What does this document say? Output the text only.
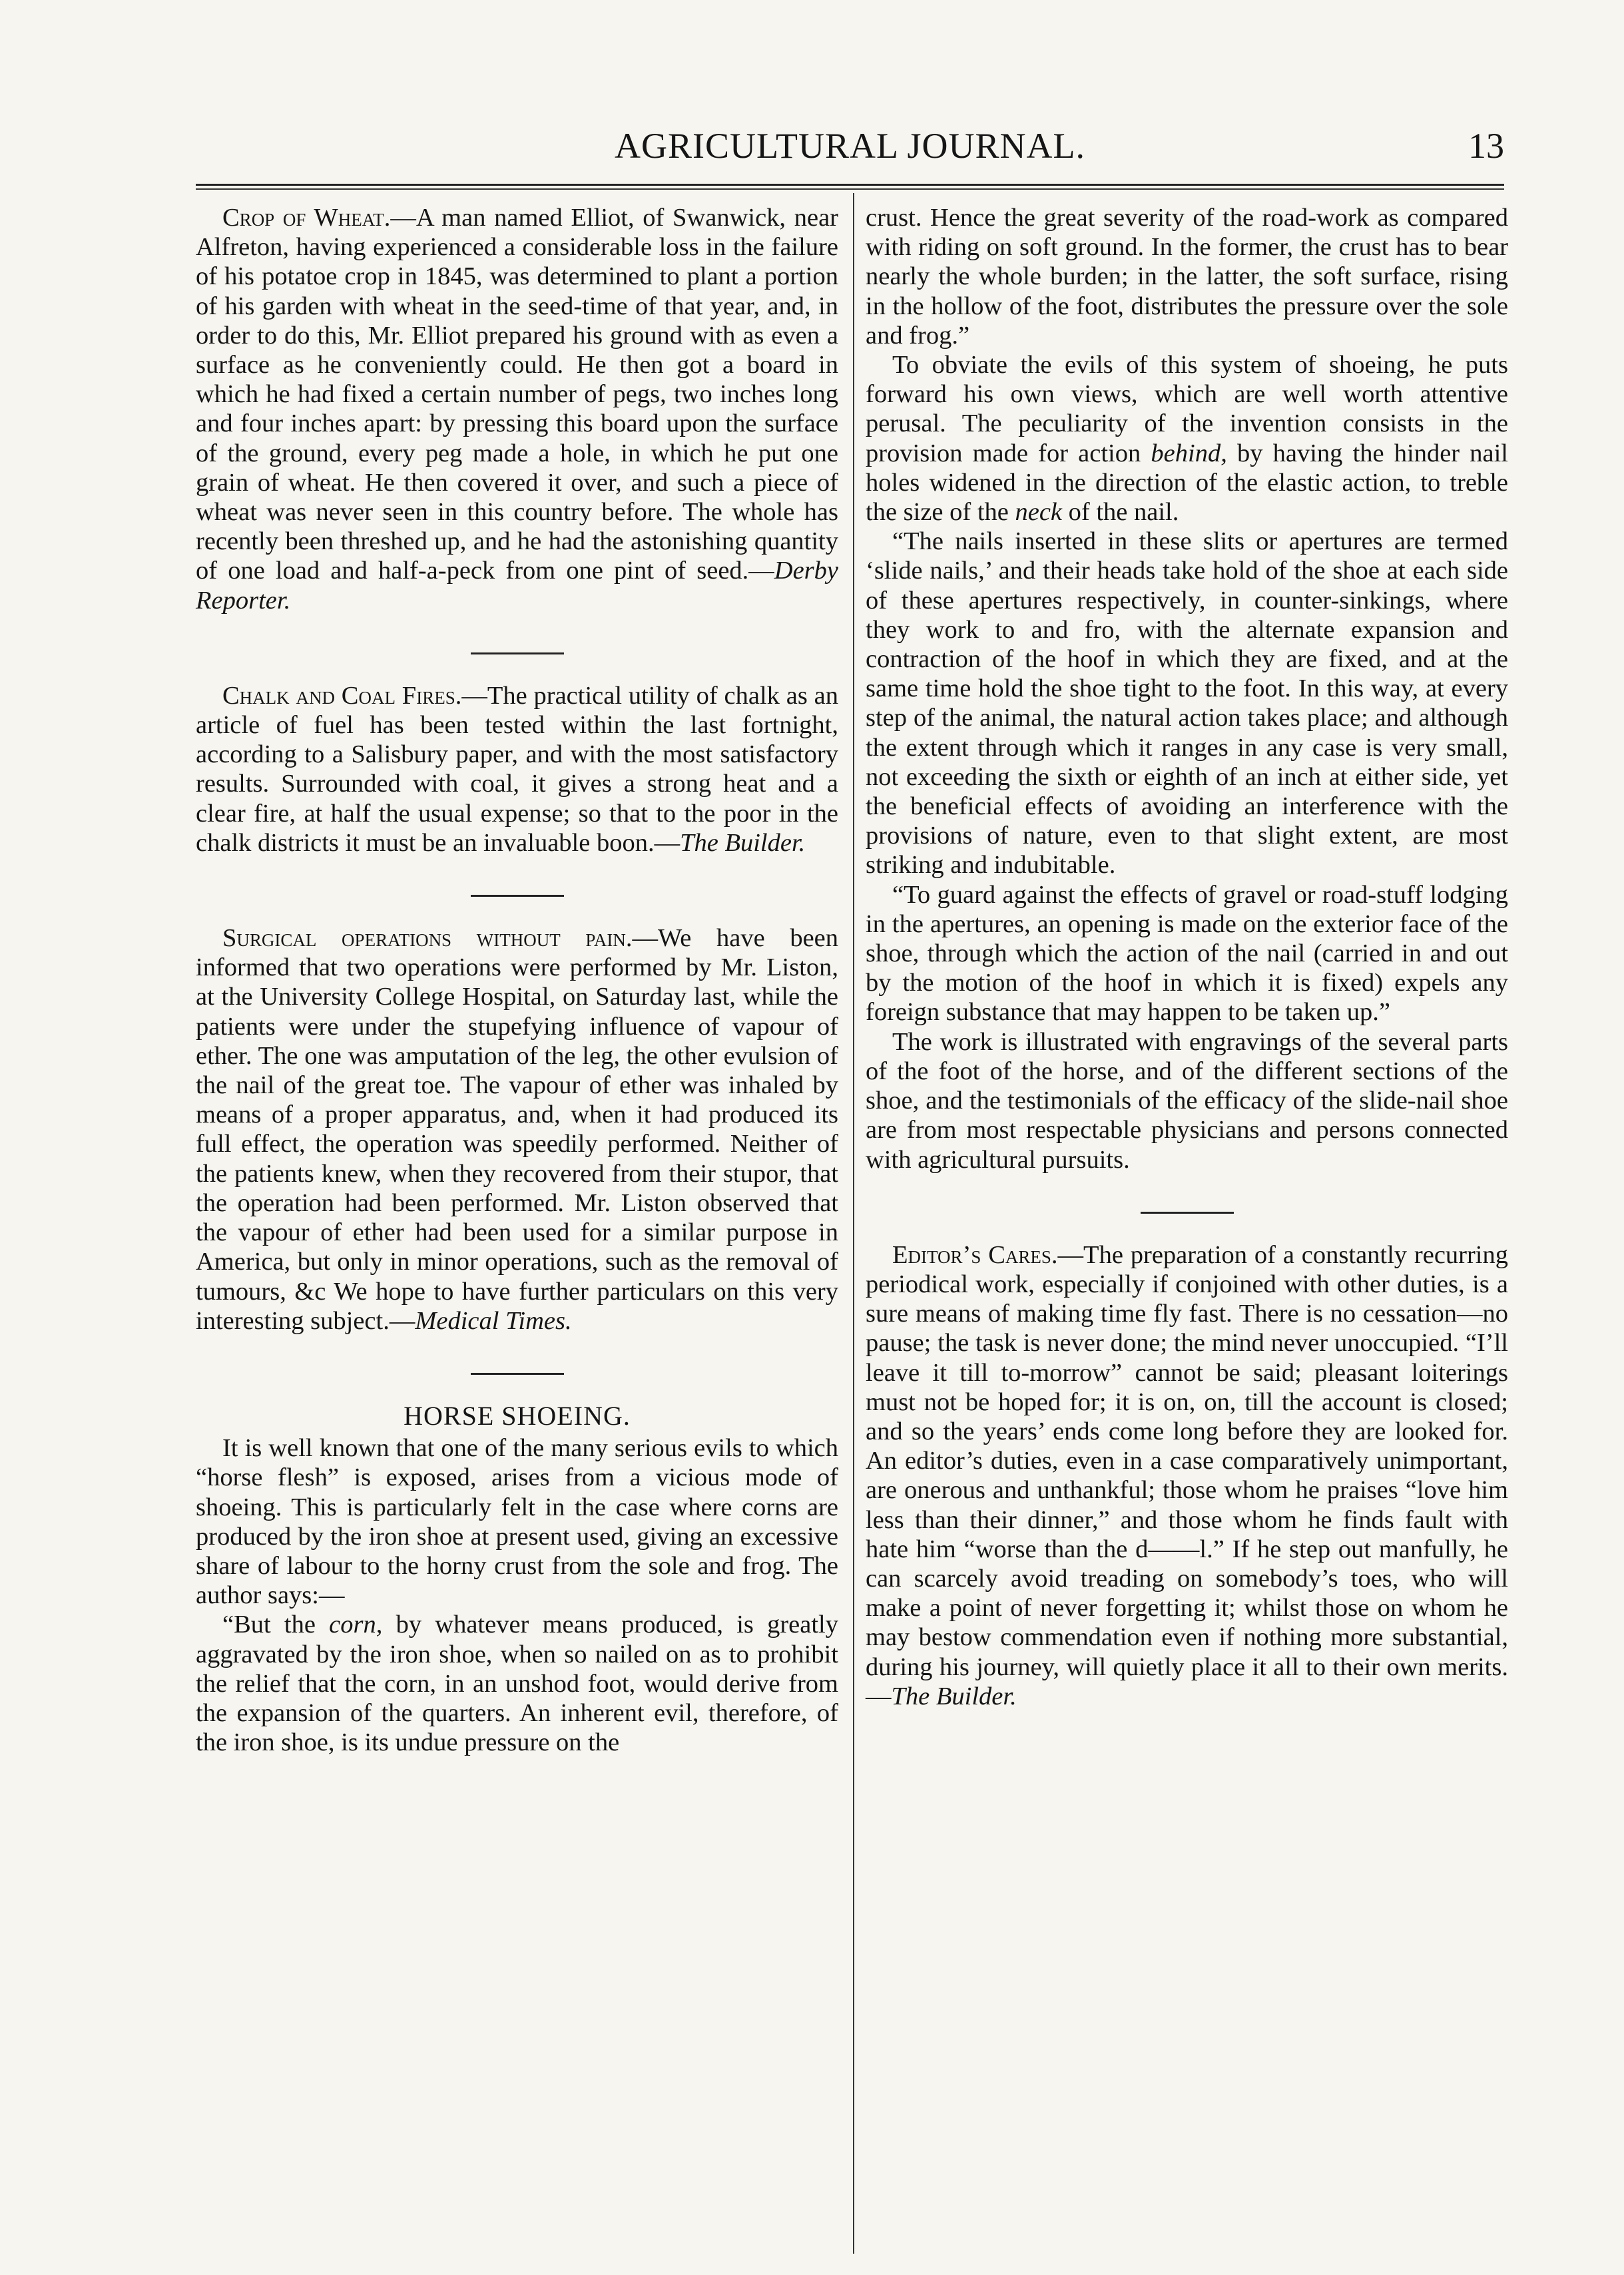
AGRICULTURAL JOURNAL.	13

Crop of Wheat.—A man named Elliot, of Swanwick, near Alfreton, having experienced a considerable loss in the failure of his potatoe crop in 1845, was determined to plant a portion of his garden with wheat in the seed-time of that year, and, in order to do this, Mr. Elliot prepared his ground with as even a surface as he conveniently could. He then got a board in which he had fixed a certain number of pegs, two inches long and four inches apart: by pressing this board upon the surface of the ground, every peg made a hole, in which he put one grain of wheat. He then covered it over, and such a piece of wheat was never seen in this country before. The whole has recently been threshed up, and he had the astonishing quantity of one load and half-a-peck from one pint of seed.—Derby Reporter.

Chalk and Coal Fires.—The practical utility of chalk as an article of fuel has been tested within the last fortnight, according to a Salisbury paper, and with the most satisfactory results. Surrounded with coal, it gives a strong heat and a clear fire, at half the usual expense; so that to the poor in the chalk districts it must be an invaluable boon.—The Builder.

Surgical operations without pain.—We have been informed that two operations were performed by Mr. Liston, at the University College Hospital, on Saturday last, while the patients were under the stupefying influence of vapour of ether. The one was amputation of the leg, the other evulsion of the nail of the great toe. The vapour of ether was inhaled by means of a proper apparatus, and, when it had produced its full effect, the operation was speedily performed. Neither of the patients knew, when they recovered from their stupor, that the operation had been performed. Mr. Liston observed that the vapour of ether had been used for a similar purpose in America, but only in minor operations, such as the removal of tumours, &c We hope to have further particulars on this very interesting subject.—Medical Times.

HORSE SHOEING.

It is well known that one of the many serious evils to which “horse flesh” is exposed, arises from a vicious mode of shoeing. This is particularly felt in the case where corns are produced by the iron shoe at present used, giving an excessive share of labour to the horny crust from the sole and frog. The author says:—

“But the corn, by whatever means produced, is greatly aggravated by the iron shoe, when so nailed on as to prohibit the relief that the corn, in an unshod foot, would derive from the expansion of the quarters. An inherent evil, therefore, of the iron shoe, is its undue pressure on the

crust. Hence the great severity of the road-work as compared with riding on soft ground. In the former, the crust has to bear nearly the whole burden; in the latter, the soft surface, rising in the hollow of the foot, distributes the pressure over the sole and frog.”

To obviate the evils of this system of shoeing, he puts forward his own views, which are well worth attentive perusal. The peculiarity of the invention consists in the provision made for action behind, by having the hinder nail holes widened in the direction of the elastic action, to treble the size of the neck of the nail.

“The nails inserted in these slits or apertures are termed ‘slide nails,’ and their heads take hold of the shoe at each side of these apertures respectively, in counter-sinkings, where they work to and fro, with the alternate expansion and contraction of the hoof in which they are fixed, and at the same time hold the shoe tight to the foot. In this way, at every step of the animal, the natural action takes place; and although the extent through which it ranges in any case is very small, not exceeding the sixth or eighth of an inch at either side, yet the beneficial effects of avoiding an interference with the provisions of nature, even to that slight extent, are most striking and indubitable.

“To guard against the effects of gravel or road-stuff lodging in the apertures, an opening is made on the exterior face of the shoe, through which the action of the nail (carried in and out by the motion of the hoof in which it is fixed) expels any foreign substance that may happen to be taken up.”

The work is illustrated with engravings of the several parts of the foot of the horse, and of the different sections of the shoe, and the testimonials of the efficacy of the slide-nail shoe are from most respectable physicians and persons connected with agricultural pursuits.

Editor’s Cares.—The preparation of a constantly recurring periodical work, especially if conjoined with other duties, is a sure means of making time fly fast. There is no cessation—no pause; the task is never done; the mind never unoccupied. “I’ll leave it till to-morrow” cannot be said; pleasant loiterings must not be hoped for; it is on, on, till the account is closed; and so the years’ ends come long before they are looked for. An editor’s duties, even in a case comparatively unimportant, are onerous and unthankful; those whom he praises “love him less than their dinner,” and those whom he finds fault with hate him “worse than the d——l.” If he step out manfully, he can scarcely avoid treading on somebody’s toes, who will make a point of never forgetting it; whilst those on whom he may bestow commendation even if nothing more substantial, during his journey, will quietly place it all to their own merits.—The Builder.
